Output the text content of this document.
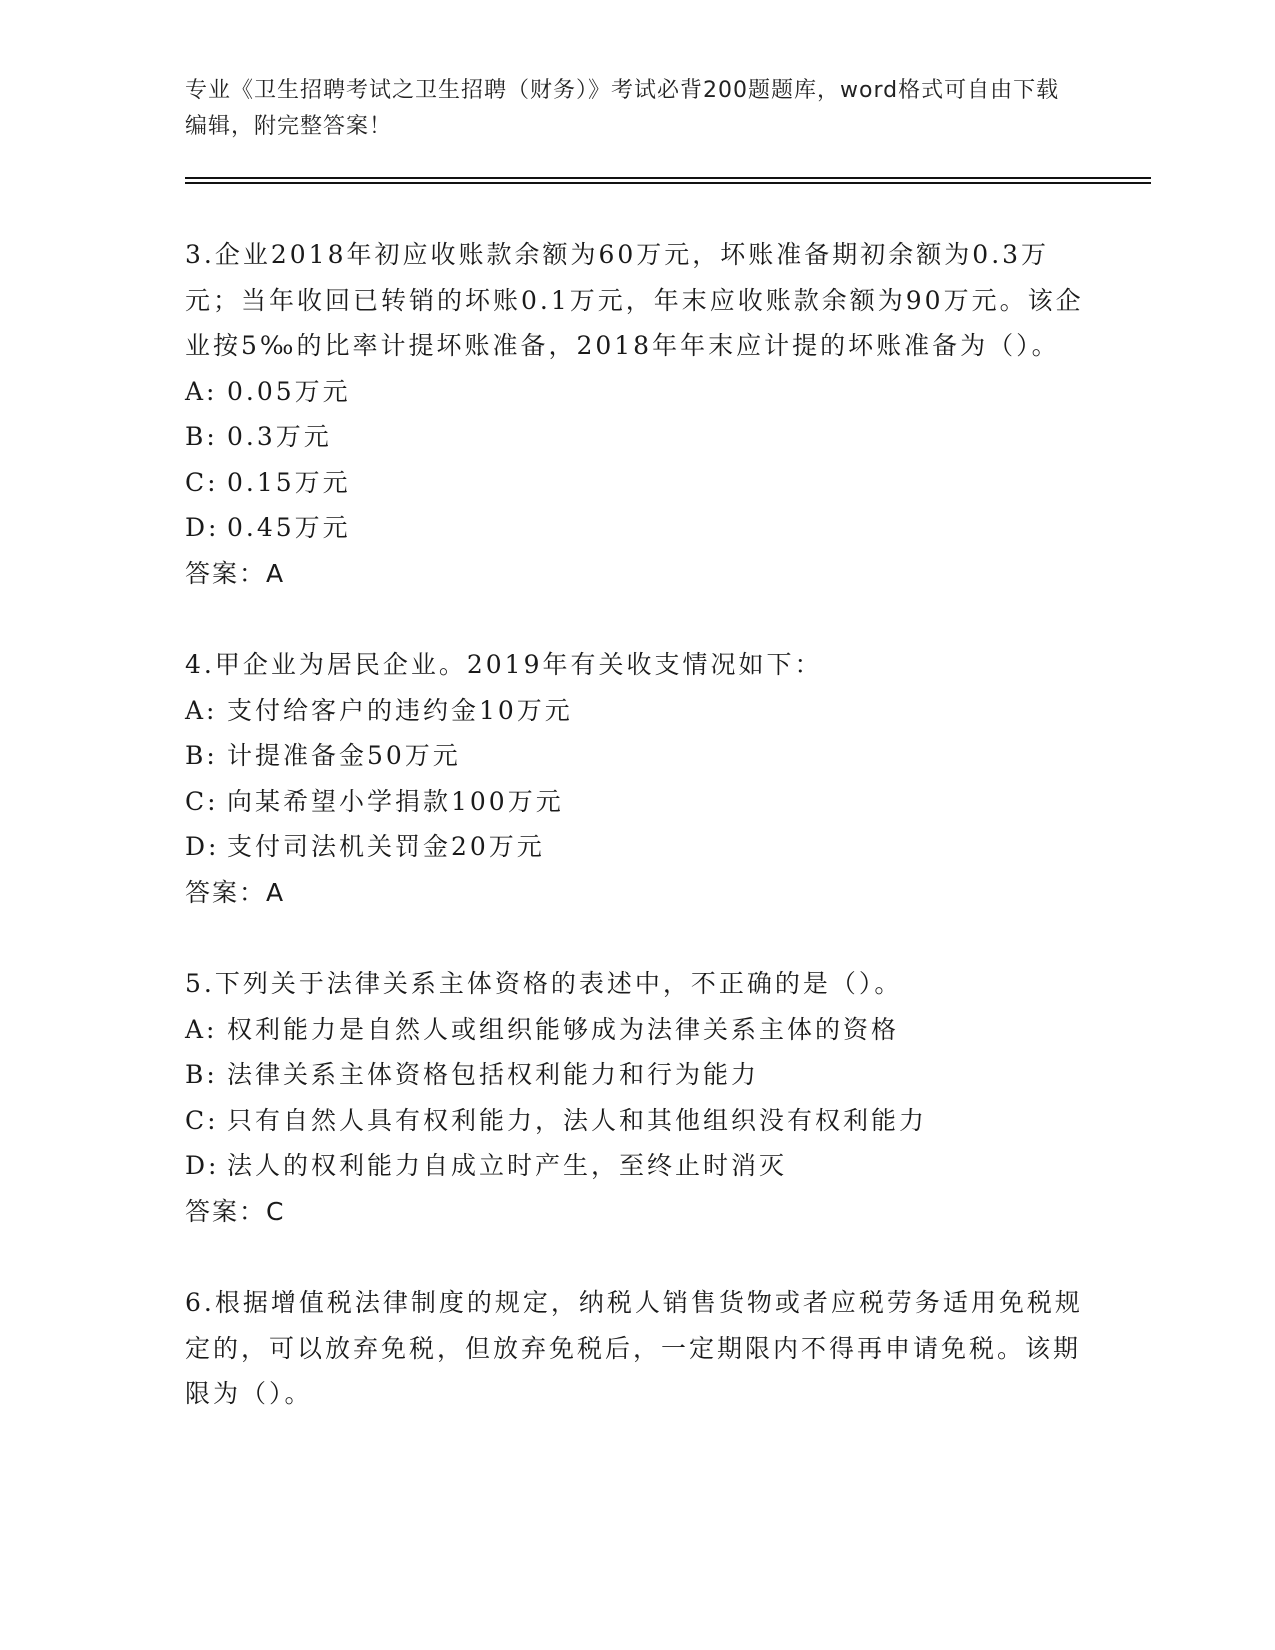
专业《卫生招聘考试之卫生招聘（财务）》考试必背200题题库，word格式可自由下载编辑，附完整答案！

3.企业2018年初应收账款余额为60万元，坏账准备期初余额为0.3万元；当年收回已转销的坏账0.1万元，年末应收账款余额为90万元。该企业按5‰的比率计提坏账准备，2018年年末应计提的坏账准备为（）。

A: 0.05万元

B: 0.3万元

C: 0.15万元

D: 0.45万元

答案：A

4.甲企业为居民企业。2019年有关收支情况如下：

A: 支付给客户的违约金10万元

B: 计提准备金50万元

C: 向某希望小学捐款100万元

D: 支付司法机关罚金20万元

答案：A

5.下列关于法律关系主体资格的表述中，不正确的是（）。

A: 权利能力是自然人或组织能够成为法律关系主体的资格

B: 法律关系主体资格包括权利能力和行为能力

C: 只有自然人具有权利能力，法人和其他组织没有权利能力

D: 法人的权利能力自成立时产生，至终止时消灭

答案：C

6.根据增值税法律制度的规定，纳税人销售货物或者应税劳务适用免税规定的，可以放弃免税，但放弃免税后，一定期限内不得再申请免税。该期限为（）。
